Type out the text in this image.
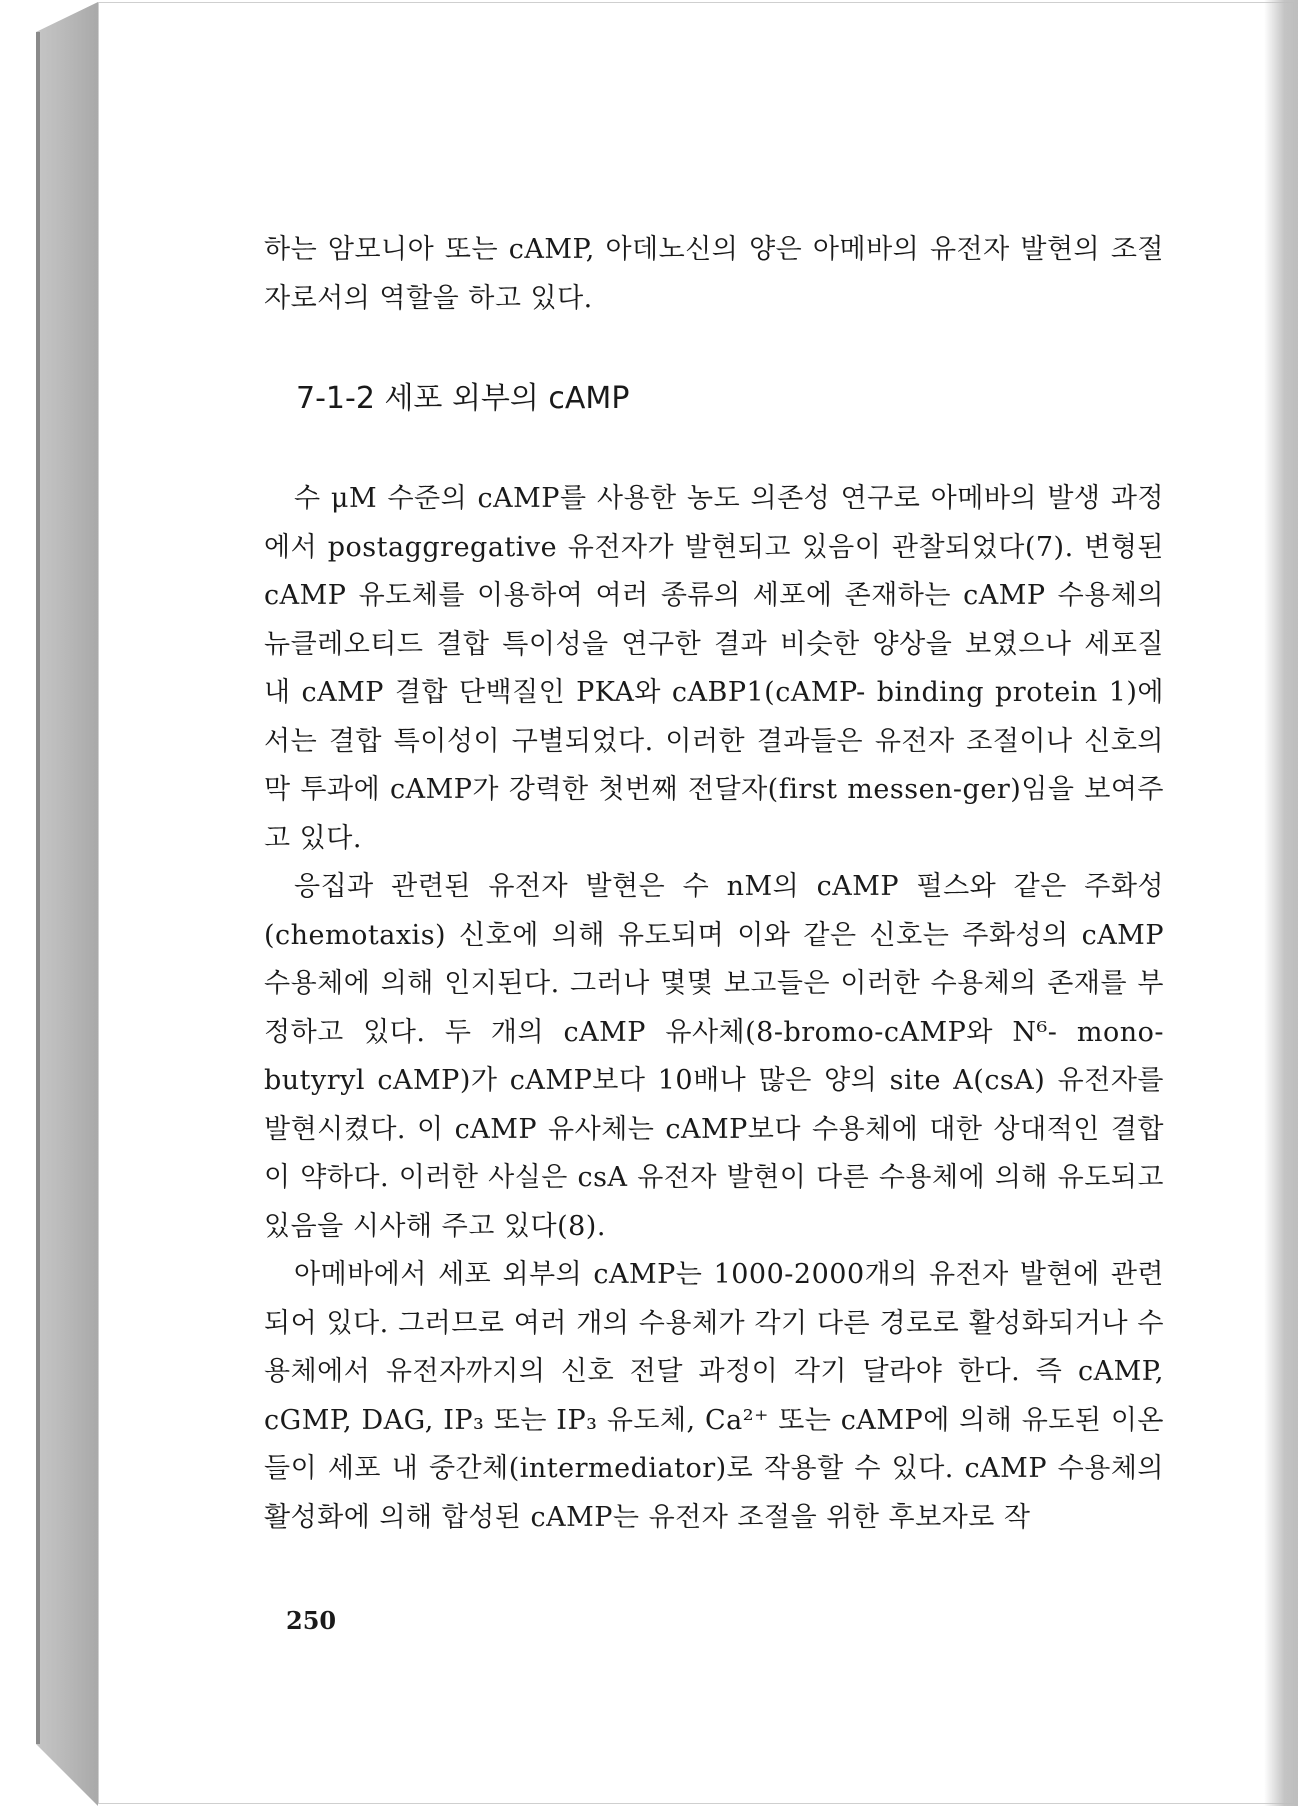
하는 암모니아 또는 cAMP, 아데노신의 양은 아메바의 유전자 발현의 조절자로서의 역할을 하고 있다.

7-1-2 세포 외부의 cAMP

수 μM 수준의 cAMP를 사용한 농도 의존성 연구로 아메바의 발생 과정에서 postaggregative 유전자가 발현되고 있음이 관찰되었다(7). 변형된 cAMP 유도체를 이용하여 여러 종류의 세포에 존재하는 cAMP 수용체의 뉴클레오티드 결합 특이성을 연구한 결과 비슷한 양상을 보였으나 세포질 내 cAMP 결합 단백질인 PKA와 cABP1(cAMP- binding protein 1)에서는 결합 특이성이 구별되었다. 이러한 결과들은 유전자 조절이나 신호의 막 투과에 cAMP가 강력한 첫번째 전달자(first messen-ger)임을 보여주고 있다.

응집과 관련된 유전자 발현은 수 nM의 cAMP 펄스와 같은 주화성(chemotaxis) 신호에 의해 유도되며 이와 같은 신호는 주화성의 cAMP 수용체에 의해 인지된다. 그러나 몇몇 보고들은 이러한 수용체의 존재를 부정하고 있다. 두 개의 cAMP 유사체(8-bromo-cAMP와 N⁶- mono-butyryl cAMP)가 cAMP보다 10배나 많은 양의 site A(csA) 유전자를 발현시켰다. 이 cAMP 유사체는 cAMP보다 수용체에 대한 상대적인 결합이 약하다. 이러한 사실은 csA 유전자 발현이 다른 수용체에 의해 유도되고 있음을 시사해 주고 있다(8).

아메바에서 세포 외부의 cAMP는 1000-2000개의 유전자 발현에 관련되어 있다. 그러므로 여러 개의 수용체가 각기 다른 경로로 활성화되거나 수용체에서 유전자까지의 신호 전달 과정이 각기 달라야 한다. 즉 cAMP, cGMP, DAG, IP₃ 또는 IP₃ 유도체, Ca²⁺ 또는 cAMP에 의해 유도된 이온들이 세포 내 중간체(intermediator)로 작용할 수 있다. cAMP 수용체의 활성화에 의해 합성된 cAMP는 유전자 조절을 위한 후보자로 작

250
